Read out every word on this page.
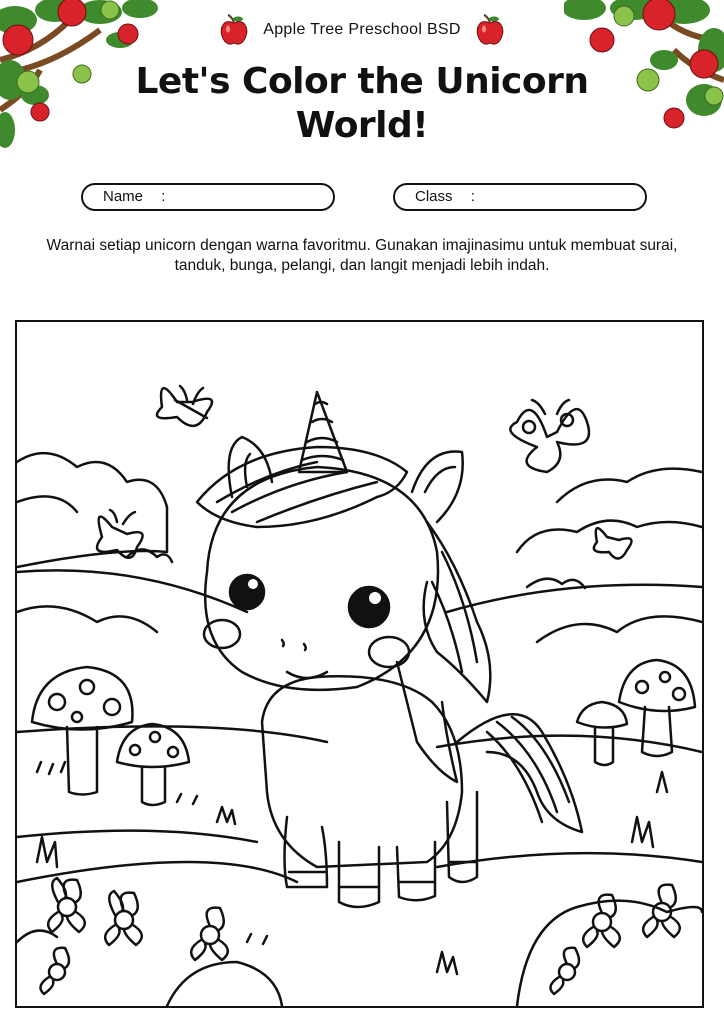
Apple Tree Preschool BSD
Let's Color the Unicorn World!
Name :	Class :
Warnai setiap unicorn dengan warna favoritmu. Gunakan imajinasimu untuk membuat surai, tanduk, bunga, pelangi, dan langit menjadi lebih indah.
